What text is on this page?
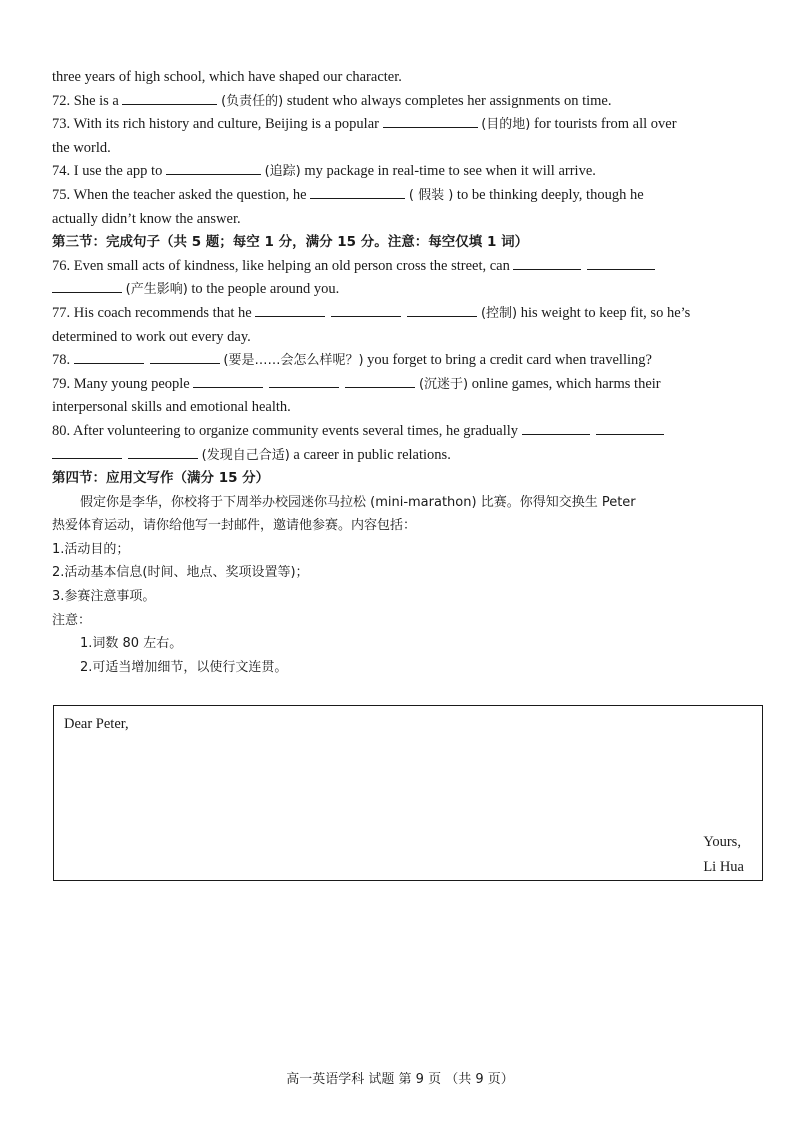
three years of high school, which have shaped our character.
72. She is a	(负责任的) student who always completes her assignments on time.
73. With its rich history and culture, Beijing is a popular	(目的地) for tourists from all over
the world.
74. I use the app to	(追踪) my package in real-time to see when it will arrive.
75. When the teacher asked the question, he	( 假装 ) to be thinking deeply, though he
actually didn’t know the answer.
第三节：完成句子（共 5 题；每空 1 分，满分 15 分。注意：每空仅填 1 词）
76. Even small acts of kindness, like helping an old person cross the street, can
(产生影响) to the people around you.
77. His coach recommends that he	(控制) his weight to keep fit, so he’s
determined to work out every day.
78.	(要是……会怎么样呢？) you forget to bring a credit card when travelling?
79. Many young people	(沉迷于) online games, which harms their
interpersonal skills and emotional health.
80. After volunteering to organize community events several times, he gradually
(发现自己合适) a career in public relations.
第四节：应用文写作（满分 15 分）
假定你是李华，你校将于下周举办校园迷你马拉松 (mini-marathon) 比赛。你得知交换生 Peter
热爱体育运动，请你给他写一封邮件，邀请他参赛。内容包括：
1.活动目的；
2.活动基本信息(时间、地点、奖项设置等)；
3.参赛注意事项。
注意：
1.词数 80 左右。
2.可适当增加细节，以使行文连贯。
Dear Peter,
Yours,
Li Hua
高一英语学科 试题 第 9 页 （共 9 页）
